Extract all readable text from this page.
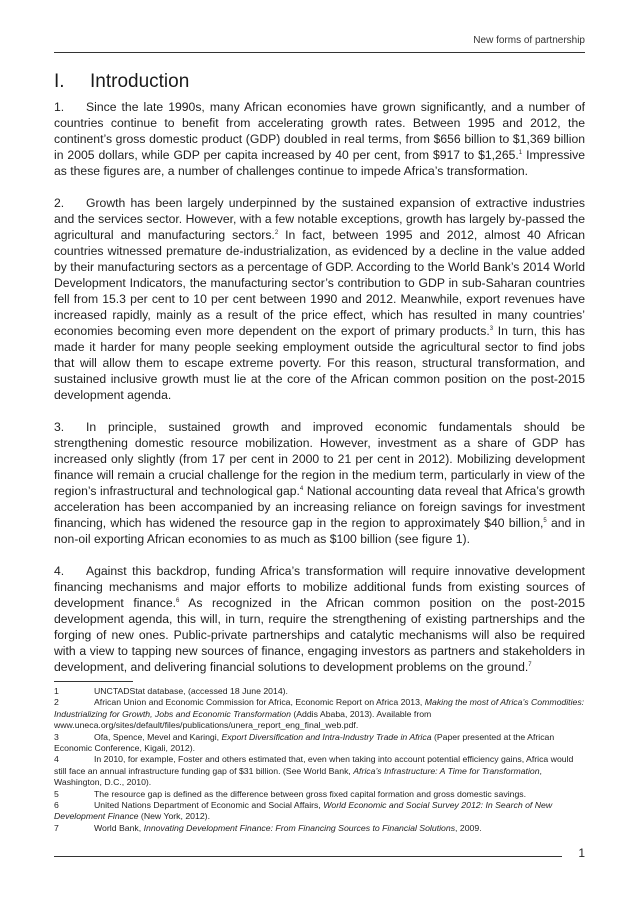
New forms of partnership
I. Introduction

1. Since the late 1990s, many African economies have grown significantly, and a number of countries continue to benefit from accelerating growth rates. Between 1995 and 2012, the continent’s gross domestic product (GDP) doubled in real terms, from $656 billion to $1,369 billion in 2005 dollars, while GDP per capita increased by 40 per cent, from $917 to $1,265.$^1$ Impressive as these figures are, a number of challenges continue to impede Africa’s transformation.

2. Growth has been largely underpinned by the sustained expansion of extractive industries and the services sector. However, with a few notable exceptions, growth has largely by-passed the agricultural and manufacturing sectors.$^2$ In fact, between 1995 and 2012, almost 40 African countries witnessed premature de-industrialization, as evidenced by a decline in the value added by their manufacturing sectors as a percentage of GDP. According to the World Bank’s 2014 World Development Indicators, the manufacturing sector’s contribution to GDP in sub-Saharan countries fell from 15.3 per cent to 10 per cent between 1990 and 2012. Meanwhile, export revenues have increased rapidly, mainly as a result of the price effect, which has resulted in many countries’ economies becoming even more dependent on the export of primary products.$^3$ In turn, this has made it harder for many people seeking employment outside the agricultural sector to find jobs that will allow them to escape extreme poverty. For this reason, structural transformation, and sustained inclusive growth must lie at the core of the African common position on the post-2015 development agenda.

3. In principle, sustained growth and improved economic fundamentals should be strengthening domestic resource mobilization. However, investment as a share of GDP has increased only slightly (from 17 per cent in 2000 to 21 per cent in 2012). Mobilizing development finance will remain a crucial challenge for the region in the medium term, particularly in view of the region’s infrastructural and technological gap.$^4$ National accounting data reveal that Africa’s growth acceleration has been accompanied by an increasing reliance on foreign savings for investment financing, which has widened the resource gap in the region to approximately $40 billion,$^5$ and in non-oil exporting African economies to as much as $100 billion (see figure 1).

4. Against this backdrop, funding Africa’s transformation will require innovative development financing mechanisms and major efforts to mobilize additional funds from existing sources of development finance.$^6$ As recognized in the African common position on the post-2015 development agenda, this will, in turn, require the strengthening of existing partnerships and the forging of new ones. Public-private partnerships and catalytic mechanisms will also be required with a view to tapping new sources of finance, engaging investors as partners and stakeholders in development, and delivering financial solutions to development problems on the ground.$^7$

1	UNCTADStat database, (accessed 18 June 2014).

2	African Union and Economic Commission for Africa, Economic Report on Africa 2013, Making the most of Africa’s Commodities: Industrializing for Growth, Jobs and Economic Transformation (Addis Ababa, 2013). Available from www.uneca.org/sites/default/files/publications/unera_report_eng_final_web.pdf.

3	Ofa, Spence, Mevel and Karingi, Export Diversification and Intra-Industry Trade in Africa (Paper presented at the African Economic Conference, Kigali, 2012).

4	In 2010, for example, Foster and others estimated that, even when taking into account potential efficiency gains, Africa would still face an annual infrastructure funding gap of $31 billion. (See World Bank, Africa’s Infrastructure: A Time for Transformation, Washington, D.C., 2010).

5	The resource gap is defined as the difference between gross fixed capital formation and gross domestic savings.

6	United Nations Department of Economic and Social Affairs, World Economic and Social Survey 2012: In Search of New Development Finance (New York, 2012).

7	World Bank, Innovating Development Finance: From Financing Sources to Financial Solutions, 2009.

1
